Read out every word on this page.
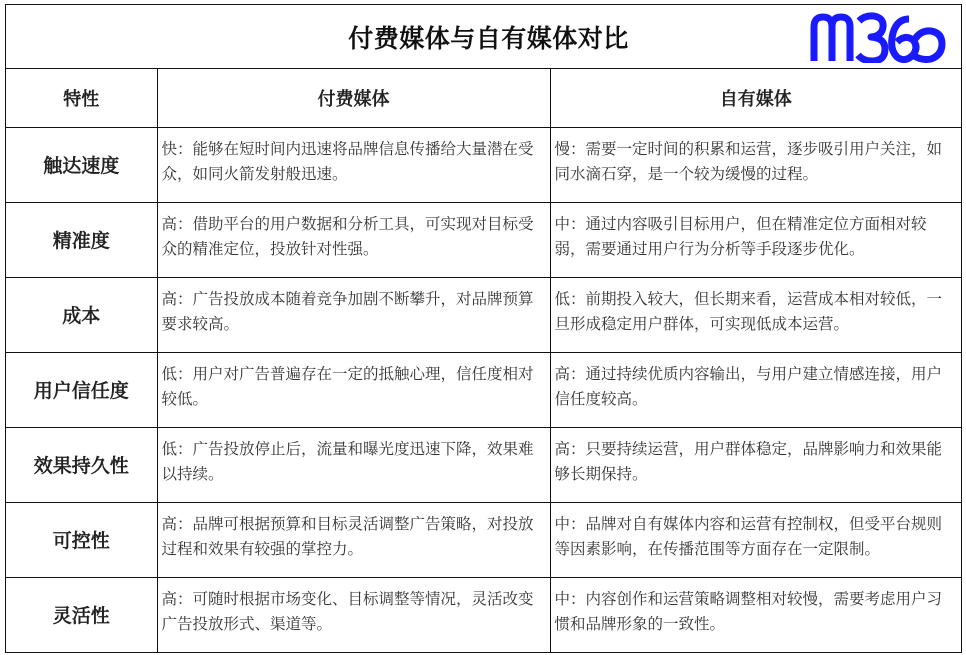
付费媒体与自有媒体对比
特性	付费媒体	自有媒体
触达速度	快：能够在短时间内迅速将品牌信息传播给大量潜在受众，如同火箭发射般迅速。	慢：需要一定时间的积累和运营，逐步吸引用户关注，如同水滴石穿，是一个较为缓慢的过程。
精准度	高：借助平台的用户数据和分析工具，可实现对目标受众的精准定位，投放针对性强。	中：通过内容吸引目标用户，但在精准定位方面相对较弱，需要通过用户行为分析等手段逐步优化。
成本	高：广告投放成本随着竞争加剧不断攀升，对品牌预算要求较高。	低：前期投入较大，但长期来看，运营成本相对较低，一旦形成稳定用户群体，可实现低成本运营。
用户信任度	低：用户对广告普遍存在一定的抵触心理，信任度相对较低。	高：通过持续优质内容输出，与用户建立情感连接，用户信任度较高。
效果持久性	低：广告投放停止后，流量和曝光度迅速下降，效果难以持续。	高：只要持续运营，用户群体稳定，品牌影响力和效果能够长期保持。
可控性	高：品牌可根据预算和目标灵活调整广告策略，对投放过程和效果有较强的掌控力。	中：品牌对自有媒体内容和运营有控制权，但受平台规则等因素影响，在传播范围等方面存在一定限制。
灵活性	高：可随时根据市场变化、目标调整等情况，灵活改变广告投放形式、渠道等。	中：内容创作和运营策略调整相对较慢，需要考虑用户习惯和品牌形象的一致性。
